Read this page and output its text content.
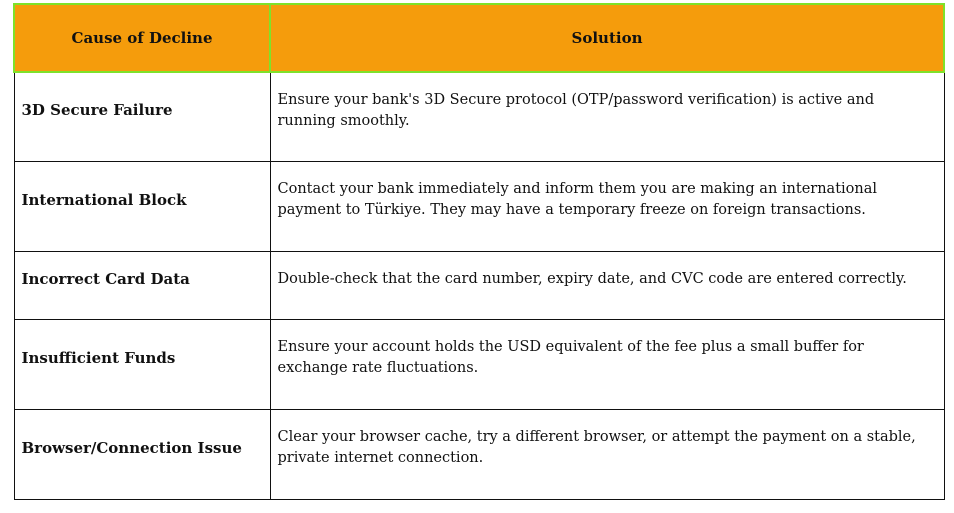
Cause of Decline	Solution

3D Secure Failure	Ensure your bank's 3D Secure protocol (OTP/password verification) is active and running smoothly.

International Block	Contact your bank immediately and inform them you are making an international payment to Türkiye. They may have a temporary freeze on foreign transactions.

Incorrect Card Data	Double-check that the card number, expiry date, and CVC code are entered correctly.

Insufficient Funds	Ensure your account holds the USD equivalent of the fee plus a small buffer for exchange rate fluctuations.

Browser/Connection Issue	Clear your browser cache, try a different browser, or attempt the payment on a stable, private internet connection.
